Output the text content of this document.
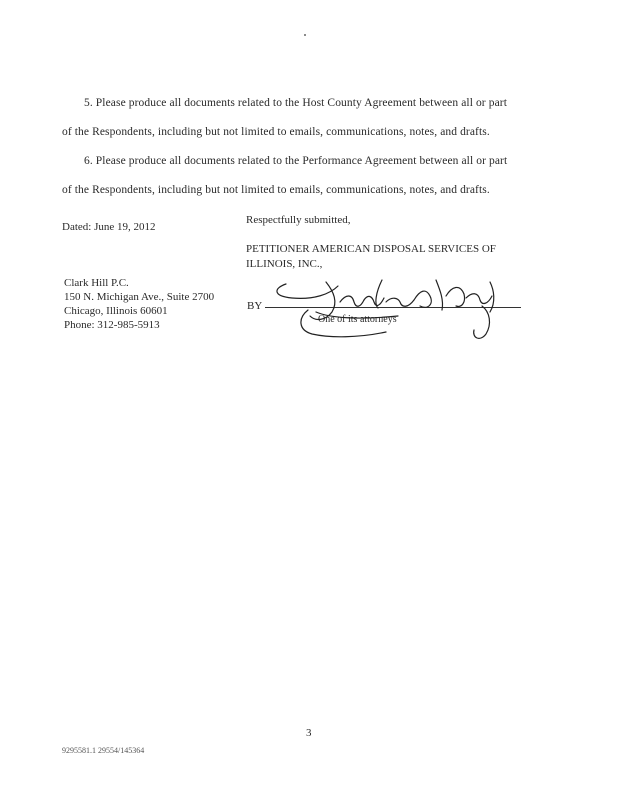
5. Please produce all documents related to the Host County Agreement between all or part
of the Respondents, including but not limited to emails, communications, notes, and drafts.
6. Please produce all documents related to the Performance Agreement between all or part
of the Respondents, including but not limited to emails, communications, notes, and drafts.
Dated: June 19, 2012
Respectfully submitted,
PETITIONER AMERICAN DISPOSAL SERVICES OF
ILLINOIS, INC.,
Clark Hill P.C.
150 N. Michigan Ave., Suite 2700
Chicago, Illinois 60601
Phone: 312-985-5913
BY
One of its attorneys
3
9295581.1 29554/145364
